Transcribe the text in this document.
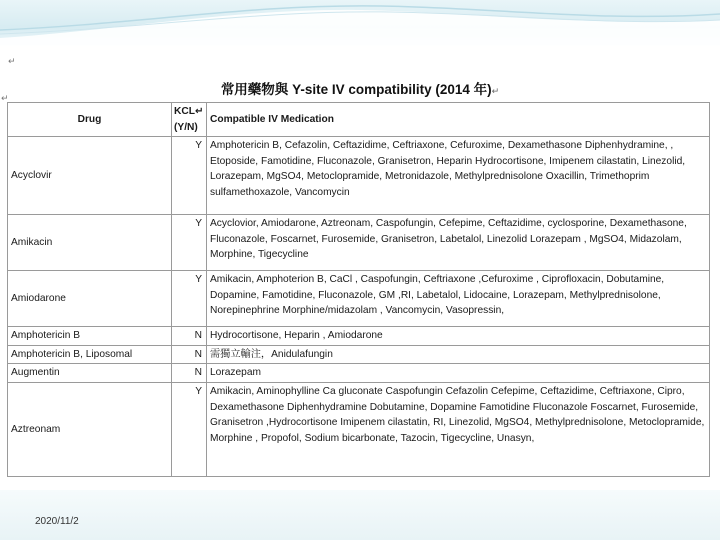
↵
↵
常用藥物與 Y-site IV compatibility (2014 年)↵
Drug	KCL↵ (Y/N)	Compatible IV Medication
Acyclovir	Y	Amphotericin B, Cefazolin, Ceftazidime, Ceftriaxone, Cefuroxime, Dexamethasone Diphenhydramine, , Etoposide, Famotidine, Fluconazole, Granisetron, Heparin Hydrocortisone, Imipenem cilastatin, Linezolid, Lorazepam, MgSO4, Metoclopramide, Metronidazole, Methylprednisolone Oxacillin, Trimethoprim sulfamethoxazole, Vancomycin
Amikacin	Y	Acyclovior, Amiodarone, Aztreonam, Caspofungin, Cefepime, Ceftazidime, cyclosporine, Dexamethasone, Fluconazole, Foscarnet, Furosemide, Granisetron, Labetalol, Linezolid Lorazepam , MgSO4, Midazolam, Morphine, Tigecycline
Amiodarone	Y	Amikacin, Amphoterion B, CaCl , Caspofungin, Ceftriaxone ,Cefuroxime , Ciprofloxacin, Dobutamine, Dopamine, Famotidine, Fluconazole, GM ,RI, Labetalol, Lidocaine, Lorazepam, Methylprednisolone, Norepinephrine Morphine/midazolam , Vancomycin, Vasopressin,
Amphotericin B	N	Hydrocortisone, Heparin , Amiodarone
Amphotericin B, Liposomal	N	需獨立輸注，Anidulafungin
Augmentin	N	Lorazepam
Aztreonam	Y	Amikacin, Aminophylline Ca gluconate Caspofungin Cefazolin Cefepime, Ceftazidime, Ceftriaxone, Cipro, Dexamethasone Diphenhydramine Dobutamine, Dopamine Famotidine Fluconazole Foscarnet, Furosemide, Granisetron ,Hydrocortisone Imipenem cilastatin, RI, Linezolid, MgSO4, Methylprednisolone, Metoclopramide, Morphine , Propofol, Sodium bicarbonate, Tazocin, Tigecycline, Unasyn,
2020/11/2
